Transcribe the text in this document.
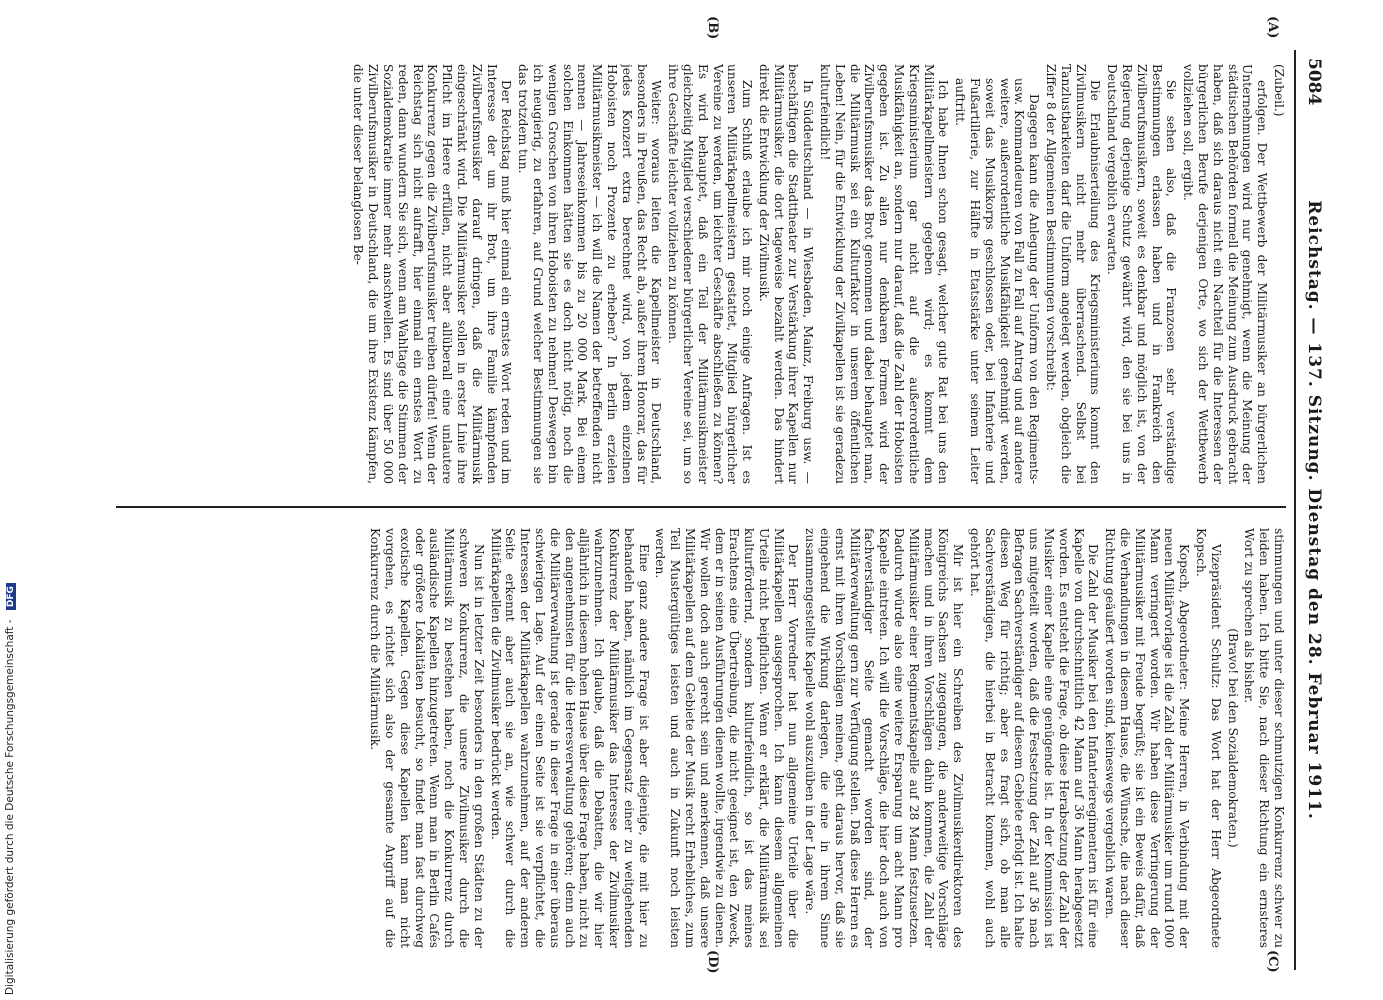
Digitalisierung gefördert durch die Deutsche Forschungsgemeinschaft - DFG
5084
Reichstag. — 137. Sitzung. Dienstag den 28. Februar 1911.
(A)
(B)
(C)
(D)

(Zubeil.)

erfolgen. Der Wettbewerb der Militärmusiker an bürgerlichen Unternehmungen wird nur genehmigt, wenn die Meinung der städtischen Behörden formell die Meinung zum Ausdruck gebracht haben, daß sich daraus nicht ein Nachteil für die Interessen der bürgerlichen Berufe derjenigen Orte, wo sich der Wettbewerb vollziehen soll, ergibt.

Sie sehen also, daß die Franzosen sehr verständige Bestimmungen erlassen haben und in Frankreich den Zivilberufsmusikern, soweit es denkbar und möglich ist, von der Regierung derjenige Schutz gewährt wird, den sie bei uns in Deutschland vergeblich erwarten.

Die Erlaubniserteilung des Kriegsministeriums kommt den Zivilmusikern nicht mehr überraschend. Selbst bei Tanzlustbarkeiten darf die Uniform angelegt werden, obgleich die Ziffer 8 der Allgemeinen Bestimmungen vorschreibt:

Dagegen kann die Anlegung der Uniform von den Regiments- usw. Kommandeuren von Fall zu Fall auf Antrag und auf andere weitere, außerordentliche Musikfähigkeit genehmigt werden, soweit das Musikkorps geschlossen oder, bei Infanterie und Fußartillerie, zur Hälfte in Etatsstärke unter seinem Leiter auftritt.

Ich habe Ihnen schon gesagt, welcher gute Rat bei uns den Militärkapellmeistern gegeben wird; es kommt dem Kriegsministerium gar nicht auf die außerordentliche Musikfähigkeit an, sondern nur darauf, daß die Zahl der Hoboisten gegeben ist. Zu allen nur denkbaren Formen wird der Zivilberufsmusiker das Brot genommen und dabei behauptet man, die Militärmusik sei ein Kulturfaktor in unserem öffentlichen Leben! Nein, für die Entwicklung der Zivilkapellen ist sie geradezu kulturfeindlich!

In Süddeutschland — in Wiesbaden, Mainz, Freiburg usw. — beschäftigen die Stadttheater zur Verstärkung ihrer Kapellen nur Militärmusiker, die dort tageweise bezahlt werden. Das hindert direkt die Entwicklung der Zivilmusik.

Zum Schluß erlaube ich mir noch einige Anfragen. Ist es unseren Militärkapellmeistern gestattet, Mitglied bürgerlicher Vereine zu werden, um leichter Geschäfte abschließen zu können? Es wird behauptet, daß ein Teil der Militärmusikmeister gleichzeitig Mitglied verschiedener bürgerlicher Vereine sei, um so ihre Geschäfte leichter vollziehen zu können.

Weiter: woraus leiten die Kapellmeister in Deutschland, besonders in Preußen, das Recht ab, außer ihrem Honorar, das für jedes Konzert extra berechnet wird, von jedem einzelnen Hoboisten noch Prozente zu erheben? In Berlin erzielen Militärmusikmeister — ich will die Namen der betreffenden nicht nennen — Jahreseinkommen bis zu 20 000 Mark. Bei einem solchen Einkommen hätten sie es doch nicht nötig, noch die wenigen Groschen von ihren Hoboisten zu nehmen! Deswegen bin ich neugierig, zu erfahren, auf Grund welcher Bestimmungen sie das trotzdem tun.

Der Reichstag muß hier einmal ein ernstes Wort reden und im Interesse der um ihr Brot, um ihre Familie kämpfenden Zivilberufsmusiker darauf dringen, daß die Militärmusik eingeschränkt wird. Die Militärmusiker sollen in erster Linie ihre Pflicht im Heere erfüllen, nicht aber allüberall eine unlautere Konkurrenz gegen die Zivilberufsmusiker treiben dürfen! Wenn der Reichstag sich nicht aufrafft, hier einmal ein ernstes Wort zu reden, dann wundern Sie sich, wenn am Wahltage die Stimmen der Sozialdemokratie immer mehr anschwellen. Es sind über 50 000 Zivilberufsmusiker in Deutschland, die um ihre Existenz kämpfen, die unter dieser belanglosen Be-

stimmungen und unter dieser schmutzigen Konkurrenz schwer zu leiden haben. Ich bitte Sie, nach dieser Richtung ein ernsteres Wort zu sprechen als bisher.

(Bravo! bei den Sozialdemokraten.)

Vizepräsident Schultz: Das Wort hat der Herr Abgeordnete Kopsch.

Kopsch, Abgeordneter: Meine Herren, in Verbindung mit der neuen Militärvorlage ist die Zahl der Militärmusiker um rund 1000 Mann verringert worden. Wir haben diese Verringerung der Militärmusiker mit Freude begrüßt; sie ist ein Beweis dafür, daß die Verhandlungen in diesem Hause, die Wünsche, die nach dieser Richtung geäußert worden sind, keineswegs vergeblich waren.

Die Zahl der Musiker bei den Infanterieregimentern ist für eine Kapelle von durchschnittlich 42 Mann auf 36 Mann herabgesetzt worden. Es entsteht die Frage, ob diese Herabsetzung der Zahl der Musiker einer Kapelle eine genügende ist. In der Kommission ist uns mitgeteilt worden, daß die Festsetzung der Zahl auf 36 nach Befragen Sachverständiger auf diesem Gebiete erfolgt ist. Ich halte diesen Weg für richtig; aber es fragt sich, ob man alle Sachverständigen, die hierbei in Betracht kommen, wohl auch gehört hat.

Mir ist hier ein Schreiben des Zivilmusikerdirektoren des Königreichs Sachsen zugegangen, die anderweitige Vorschläge machen und in ihren Vorschlägen dahin kommen, die Zahl der Militärmusiker einer Regimentskapelle auf 28 Mann festzusetzen. Dadurch würde also eine weitere Ersparung um acht Mann pro Kapelle eintreten. Ich will die Vorschläge, die hier doch auch von fachverständiger Seite gemacht worden sind, der Militärverwaltung gern zur Verfügung stellen. Daß diese Herren es ernst mit ihren Vorschlägen meinen, geht daraus hervor, daß sie eingehend die Wirkung darlegen, die eine in ihrem Sinne zusammengestellte Kapelle wohl auszuüben in der Lage wäre.

Der Herr Vorredner hat nun allgemeine Urteile über die Militärkapellen ausgesprochen. Ich kann diesem allgemeinen Urteile nicht beipflichten. Wenn er erklärt, die Militärmusik sei kulturfördernd, sondern kulturfeindlich, so ist das meines Erachtens eine Übertreibung, die nicht geeignet ist, den Zweck, dem er in seinen Ausführungen dienen wollte, irgendwie zu dienen. Wir wollen doch auch gerecht sein und anerkennen, daß unsere Militärkapellen auf dem Gebiete der Musik recht Erhebliches, zum Teil Mustergültiges leisten und auch in Zukunft noch leisten werden.

Eine ganz andere Frage ist aber diejenige, die mit hier zu behandeln haben, nämlich im Gegensatz einer zu weitgehenden Konkurrenz der Militärmusiker das Interesse der Zivilmusiker wahrzunehmen. Ich glaube, daß die Debatten, die wir hier alljährlich in diesem hohen Hause über diese Frage haben, nicht zu den angenehmsten für die Heeresverwaltung gehören; denn auch die Militärverwaltung ist gerade in dieser Frage in einer überaus schwierigen Lage. Auf der einen Seite ist sie verpflichtet, die Interessen der Militärkapellen wahrzunehmen, auf der anderen Seite erkennt aber auch sie an, wie schwer durch die Militärkapellen die Zivilmusiker bedrückt werden.

Nun ist in letzter Zeit besonders in den großen Städten zu der schweren Konkurrenz, die unsere Zivilmusiker durch die Militärmusik zu bestehen haben, noch die Konkurrenz durch ausländische Kapellen hinzugetreten. Wenn man in Berlin Cafés oder größere Lokalitäten besucht, so findet man fast durchweg exotische Kapellen. Gegen diese Kapellen kann man nicht vorgehen, es richtet sich also der gesamte Angriff auf die Konkurrenz durch die Militärmusik.
